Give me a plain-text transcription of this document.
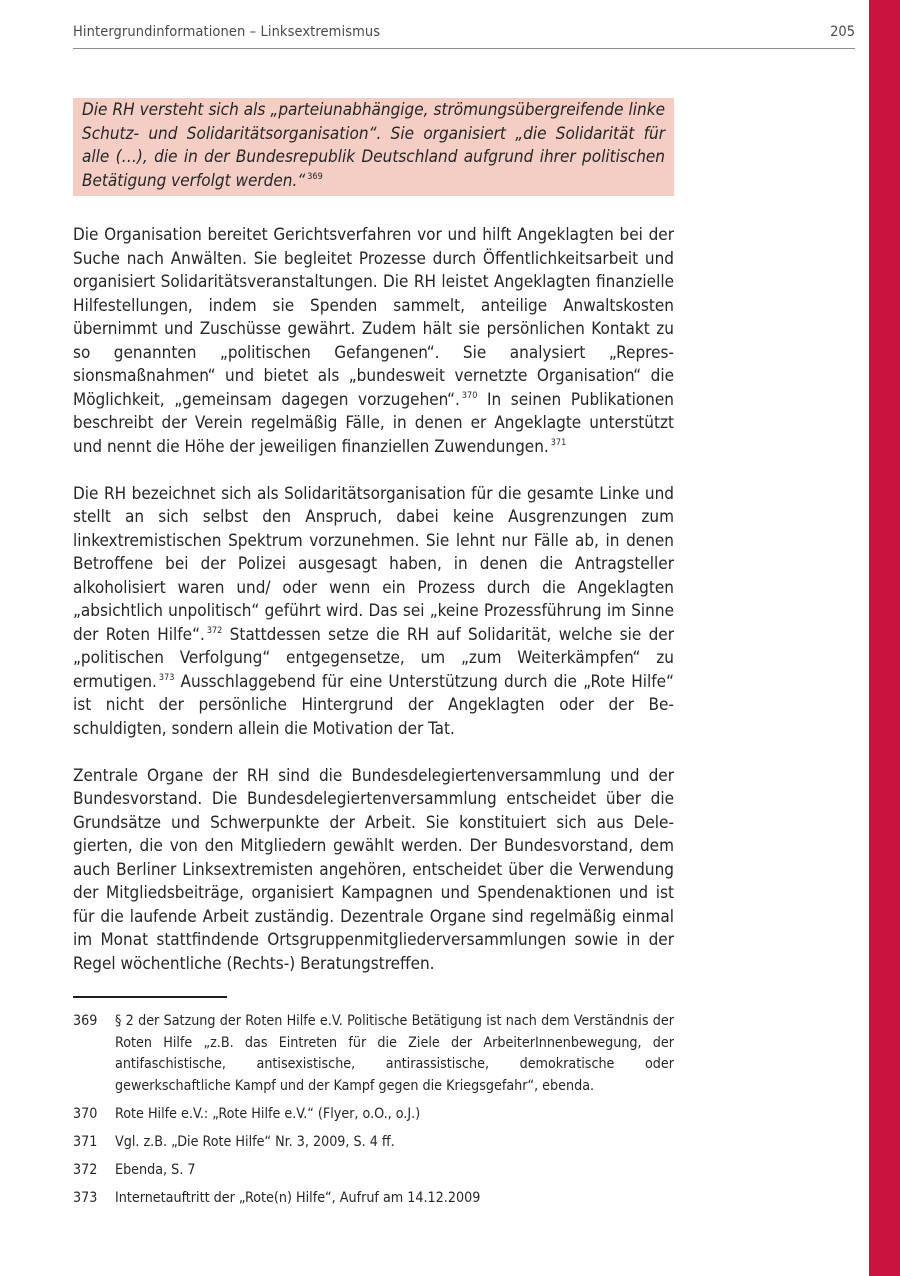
Hintergrundinformationen – Linksextremismus	205
Die RH versteht sich als „parteiunabhängige, strömungsübergreifende linke Schutz- und Solidaritätsorganisation“. Sie organisiert „die Solidarität für alle (…), die in der Bundesrepublik Deutschland aufgrund ihrer politischen Betätigung verfolgt werden.“ $^{369}$

Die Organisation bereitet Gerichtsverfahren vor und hilft Angeklagten bei der Suche nach Anwälten. Sie begleitet Prozesse durch Öffentlichkeitsarbeit und organisiert Solidaritätsveranstaltungen. Die RH leistet Angeklagten finanzielle Hilfestellungen, indem sie Spenden sammelt, anteilige Anwaltskosten übernimmt und Zuschüsse gewährt. Zudem hält sie persönlichen Kontakt zu so genannten „politischen Gefangenen“. Sie analysiert „Repressionsmaßnahmen“ und bietet als „bundesweit vernetzte Organisation“ die Möglichkeit, „gemeinsam dagegen vorzugehen“. $^{370}$ In seinen Publikationen beschreibt der Verein regelmäßig Fälle, in denen er Angeklagte unterstützt und nennt die Höhe der jeweiligen finanziellen Zuwendungen. $^{371}$

Die RH bezeichnet sich als Solidaritätsorganisation für die gesamte Linke und stellt an sich selbst den Anspruch, dabei keine Ausgrenzungen zum linkextremistischen Spektrum vorzunehmen. Sie lehnt nur Fälle ab, in denen Betroffene bei der Polizei ausgesagt haben, in denen die Antragsteller alkoholisiert waren und/ oder wenn ein Prozess durch die Angeklagten „absichtlich unpolitisch“ geführt wird. Das sei „keine Prozessführung im Sinne der Roten Hilfe“. $^{372}$ Stattdessen setze die RH auf Solidarität, welche sie der „politischen Verfolgung“ entgegensetze, um „zum Weiterkämpfen“ zu ermutigen. $^{373}$ Ausschlaggebend für eine Unterstützung durch die „Rote Hilfe“ ist nicht der persönliche Hintergrund der Angeklagten oder der Beschuldigten, sondern allein die Motivation der Tat.

Zentrale Organe der RH sind die Bundesdelegiertenversammlung und der Bundesvorstand. Die Bundesdelegiertenversammlung entscheidet über die Grundsätze und Schwerpunkte der Arbeit. Sie konstituiert sich aus Delegierten, die von den Mitgliedern gewählt werden. Der Bundesvorstand, dem auch Berliner Linksextremisten angehören, entscheidet über die Verwendung der Mitgliedsbeiträge, organisiert Kampagnen und Spendenaktionen und ist für die laufende Arbeit zuständig. Dezentrale Organe sind regelmäßig einmal im Monat stattfindende Ortsgruppenmitgliederversammlungen sowie in der Regel wöchentliche (Rechts-) Beratungstreffen.

369	§ 2 der Satzung der Roten Hilfe e.V. Politische Betätigung ist nach dem Verständnis der Roten Hilfe „z.B. das Eintreten für die Ziele der ArbeiterInnenbewegung, der antifaschistische, antisexistische, antirassistische, demokratische oder gewerkschaftliche Kampf und der Kampf gegen die Kriegsgefahr“, ebenda.
370	Rote Hilfe e.V.: „Rote Hilfe e.V.“ (Flyer, o.O., o.J.)
371	Vgl. z.B. „Die Rote Hilfe“ Nr. 3, 2009, S. 4 ff.
372	Ebenda, S. 7
373	Internetauftritt der „Rote(n) Hilfe“, Aufruf am 14.12.2009
